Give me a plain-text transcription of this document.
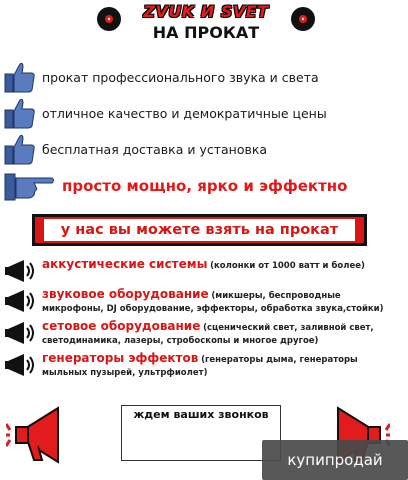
ZVUK И SVET
НА ПРОКАТ
прокат профессионального звука и света
отличное качество и демократичные цены
бесплатная доставка и установка
просто мощно, ярко и эффектно
у нас вы можете взять на прокат
аккустические системы (колонки от 1000 ватт и более)
звуковое оборудование (микшеры, беспроводные микрофоны, DJ оборудование, эффекторы, обработка звука,стойки)
сетовое оборудование (сценический свет, заливной свет, светодинамика, лазеры, стробоскопы и многое другое)
генераторы эффектов (генераторы дыма, генераторы мыльных пузырей, ультрфиолет)
ждем ваших звонков
купипродай
